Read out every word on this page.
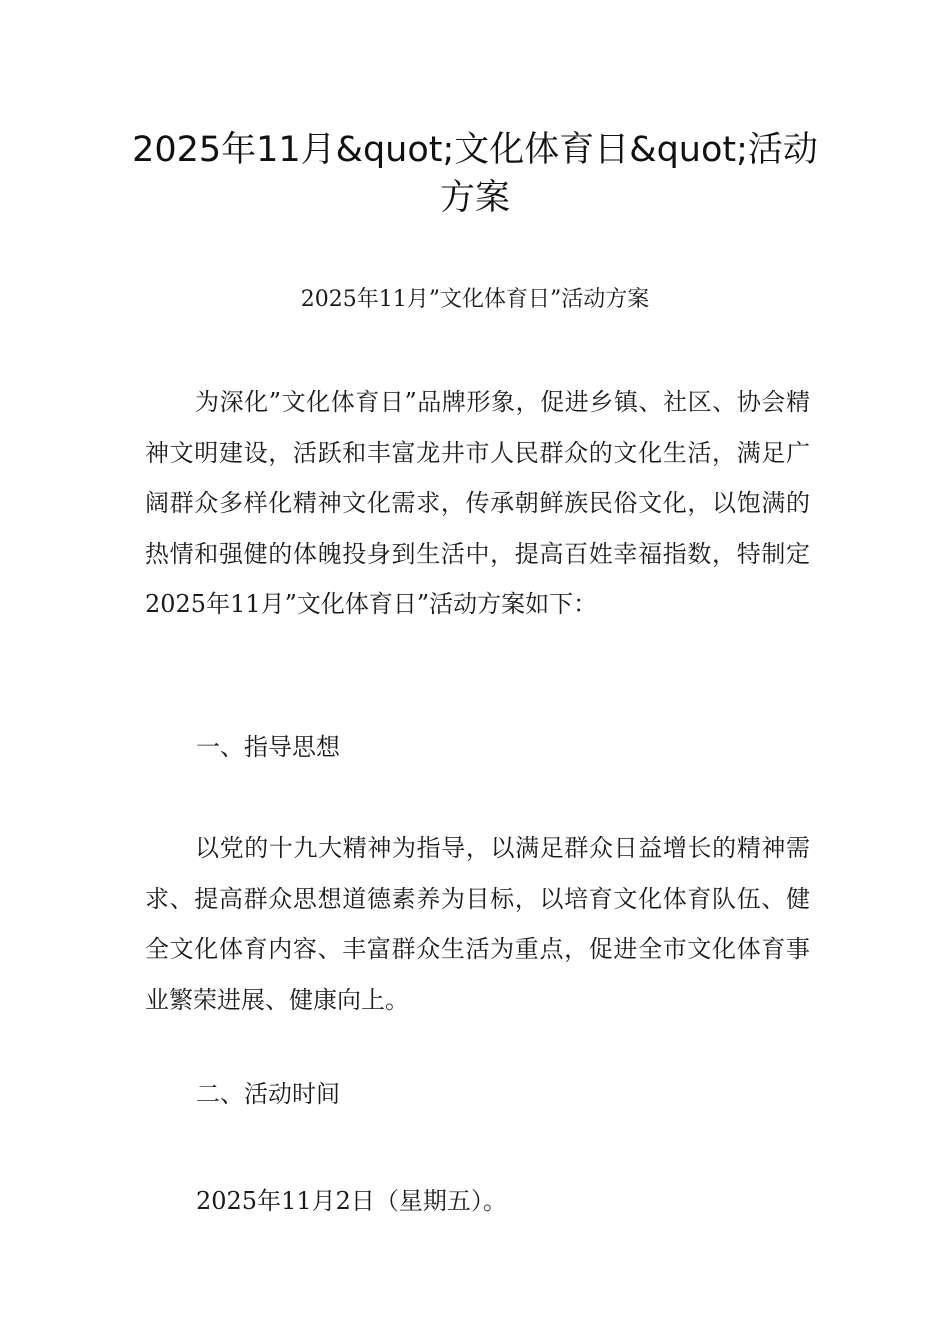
2025年11月&quot;文化体育日&quot;活动方案

2025年11月”文化体育日”活动方案

为深化”文化体育日”品牌形象，促进乡镇、社区、协会精神文明建设，活跃和丰富龙井市人民群众的文化生活，满足广阔群众多样化精神文化需求，传承朝鲜族民俗文化，以饱满的热情和强健的体魄投身到生活中，提高百姓幸福指数，特制定2025年11月”文化体育日”活动方案如下：

一、指导思想

以党的十九大精神为指导，以满足群众日益增长的精神需求、提高群众思想道德素养为目标，以培育文化体育队伍、健全文化体育内容、丰富群众生活为重点，促进全市文化体育事业繁荣进展、健康向上。

二、活动时间

2025年11月2日（星期五）。
